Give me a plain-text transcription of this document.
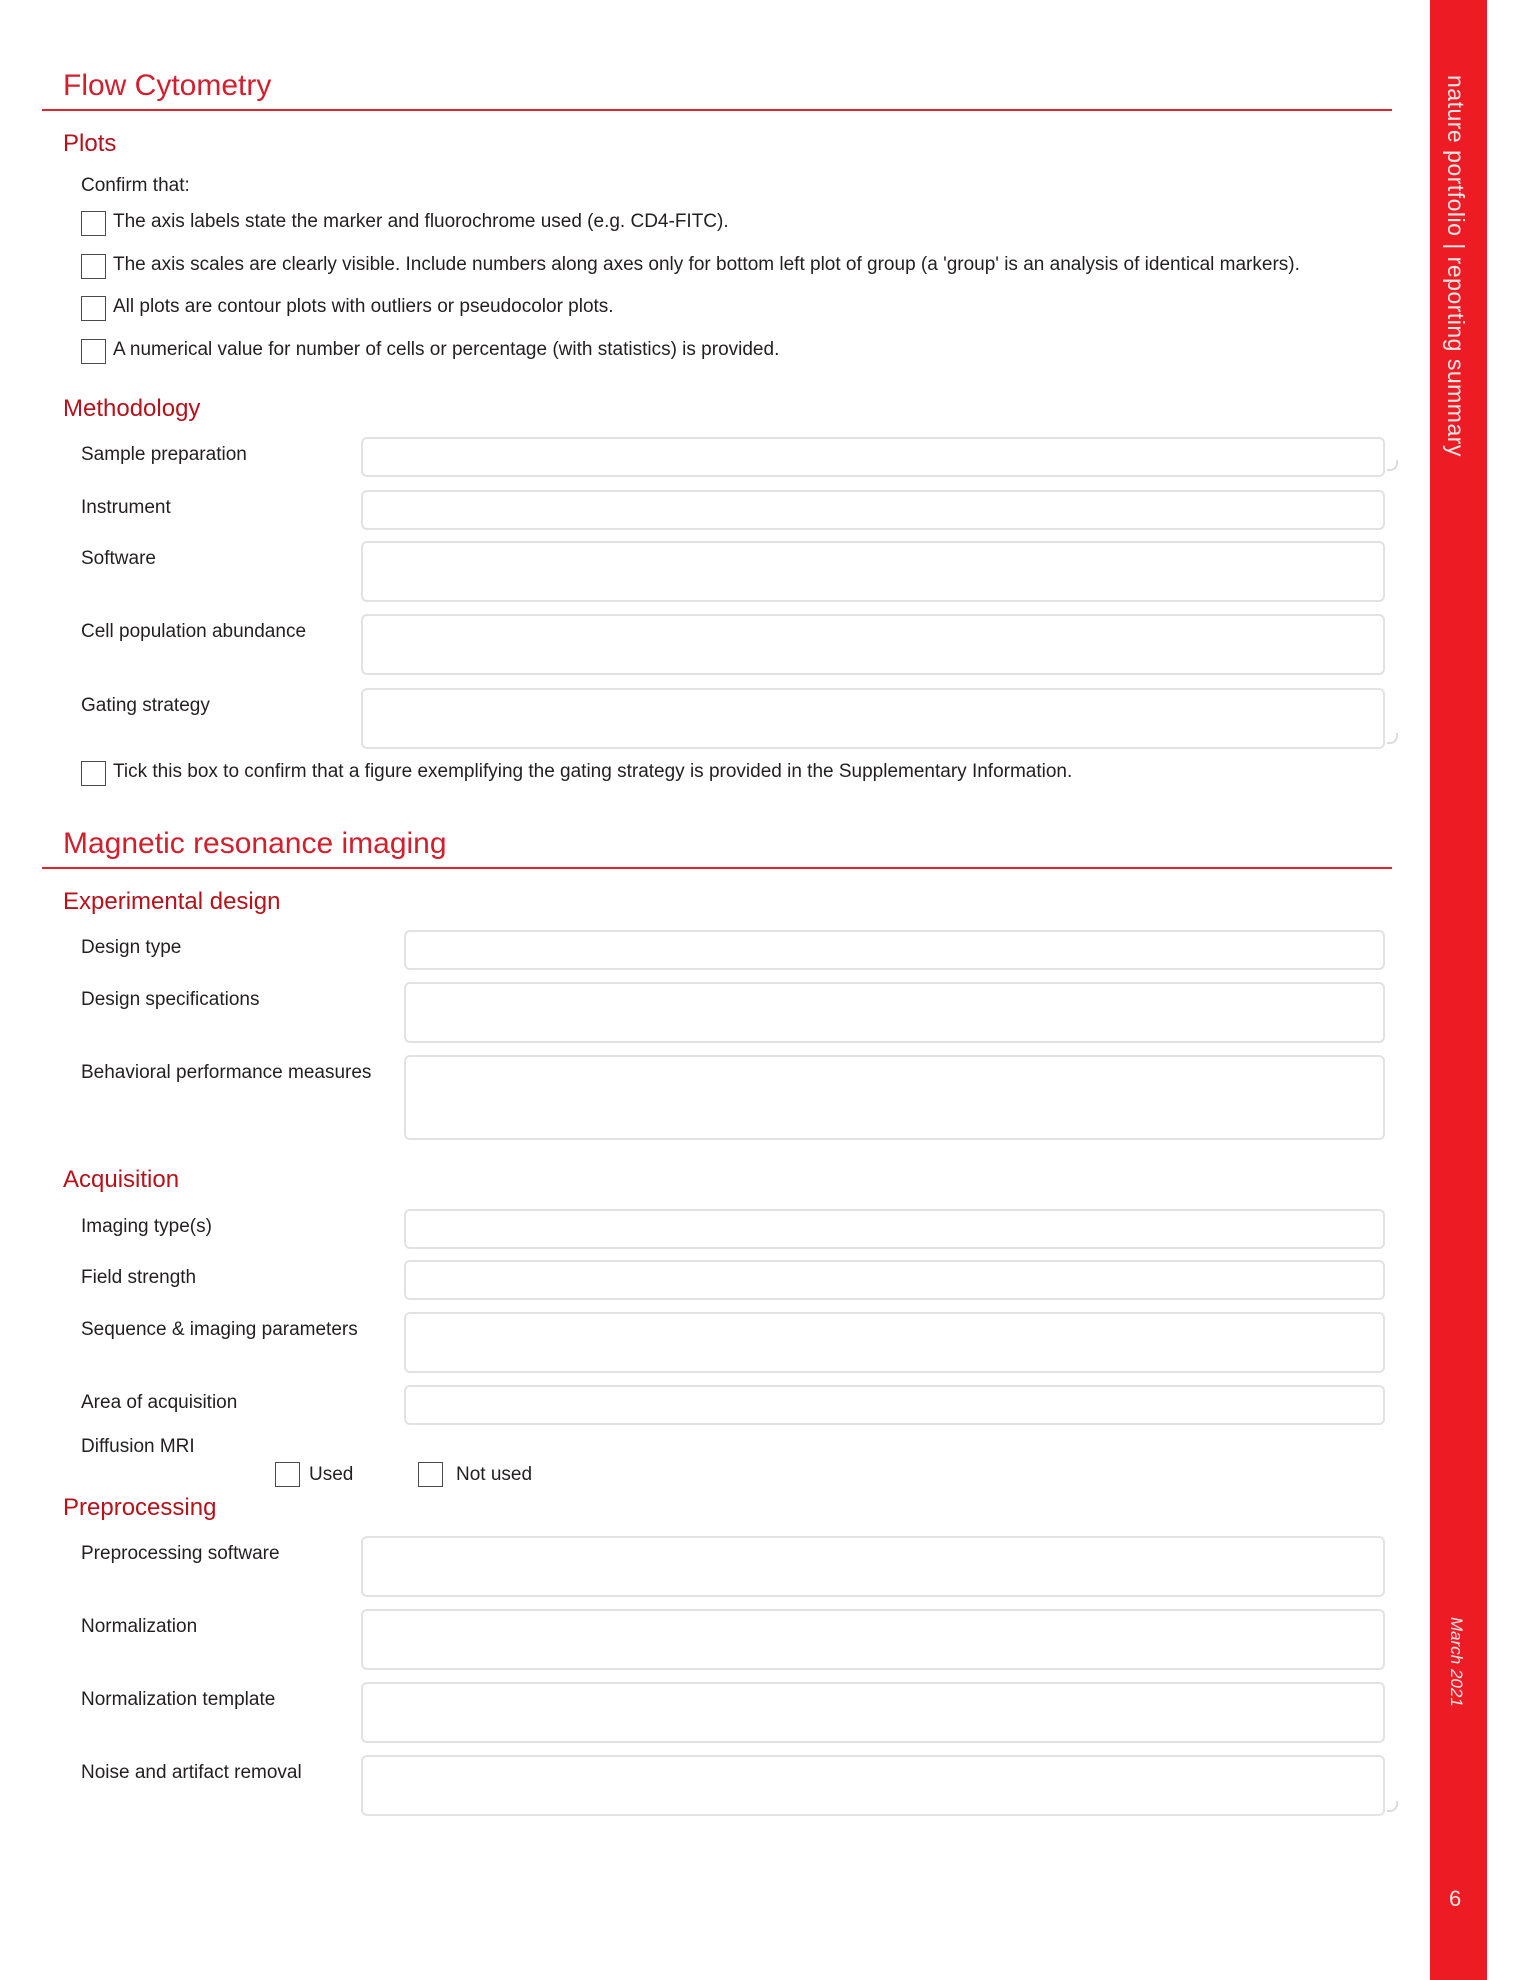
nature portfolio | reporting summary
March 2021
6
Flow Cytometry
Plots
Confirm that:
The axis labels state the marker and fluorochrome used (e.g. CD4-FITC).
The axis scales are clearly visible. Include numbers along axes only for bottom left plot of group (a 'group' is an analysis of identical markers).
All plots are contour plots with outliers or pseudocolor plots.
A numerical value for number of cells or percentage (with statistics) is provided.
Methodology
Sample preparation
Instrument
Software
Cell population abundance
Gating strategy
Tick this box to confirm that a figure exemplifying the gating strategy is provided in the Supplementary Information.
Magnetic resonance imaging
Experimental design
Design type
Design specifications
Behavioral performance measures
Acquisition
Imaging type(s)
Field strength
Sequence & imaging parameters
Area of acquisition
Diffusion MRI
Used	Not used
Preprocessing
Preprocessing software
Normalization
Normalization template
Noise and artifact removal
